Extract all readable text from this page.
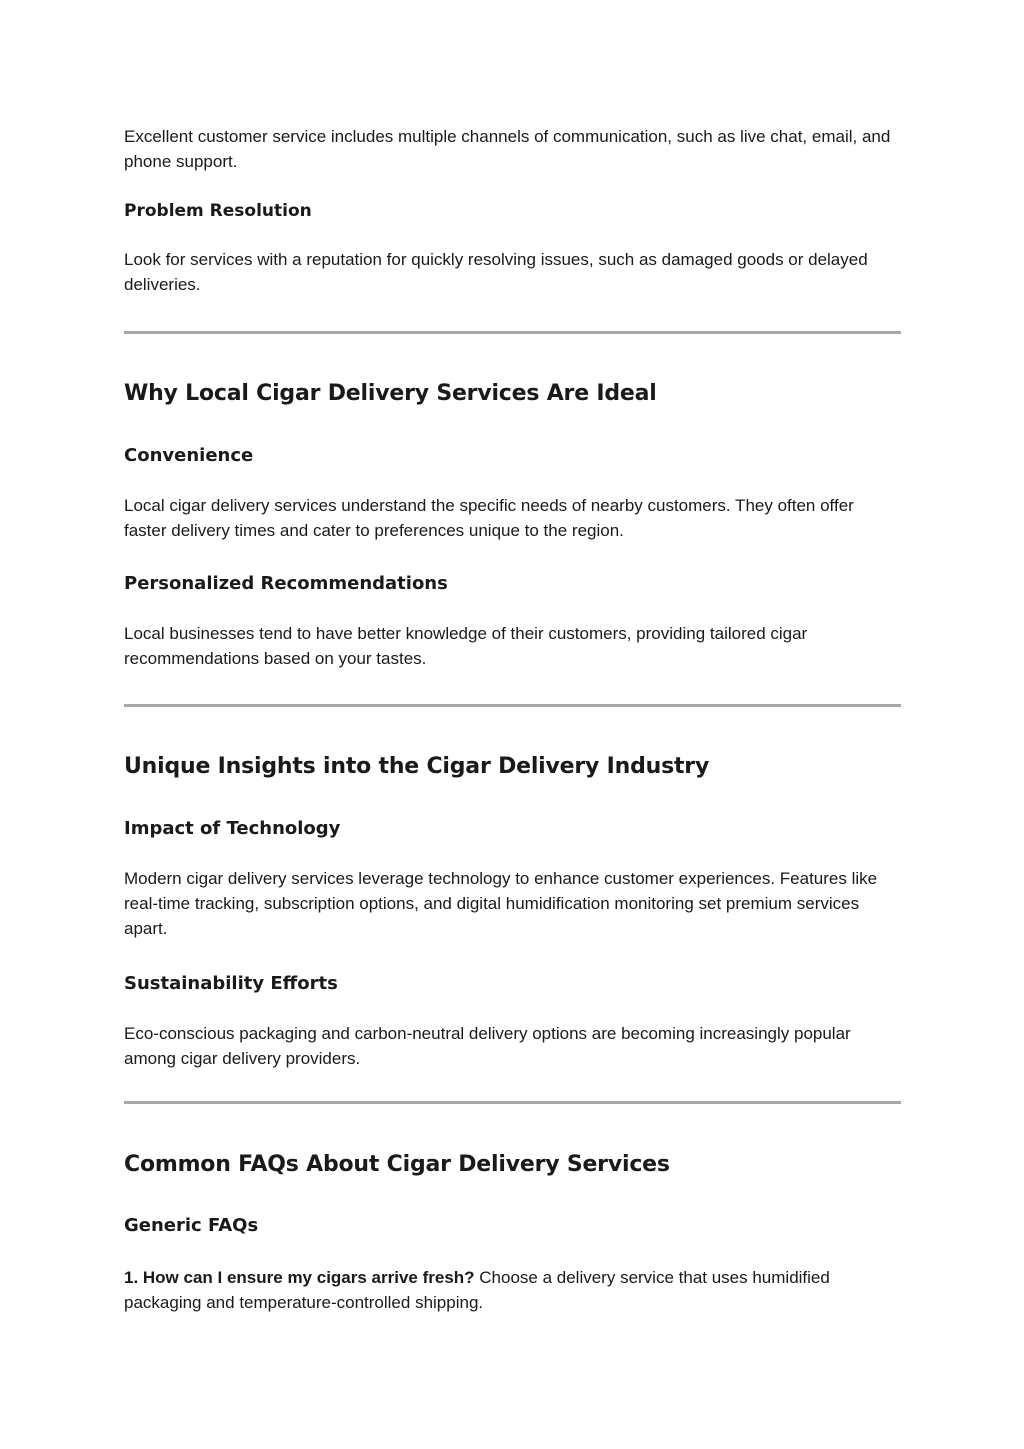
Excellent customer service includes multiple channels of communication, such as live chat, email, and phone support.

Problem Resolution

Look for services with a reputation for quickly resolving issues, such as damaged goods or delayed deliveries.

Why Local Cigar Delivery Services Are Ideal
Convenience

Local cigar delivery services understand the specific needs of nearby customers. They often offer faster delivery times and cater to preferences unique to the region.

Personalized Recommendations

Local businesses tend to have better knowledge of their customers, providing tailored cigar recommendations based on your tastes.

Unique Insights into the Cigar Delivery Industry
Impact of Technology

Modern cigar delivery services leverage technology to enhance customer experiences. Features like real-time tracking, subscription options, and digital humidification monitoring set premium services apart.

Sustainability Efforts

Eco-conscious packaging and carbon-neutral delivery options are becoming increasingly popular among cigar delivery providers.

Common FAQs About Cigar Delivery Services
Generic FAQs

1. How can I ensure my cigars arrive fresh? Choose a delivery service that uses humidified packaging and temperature-controlled shipping.
